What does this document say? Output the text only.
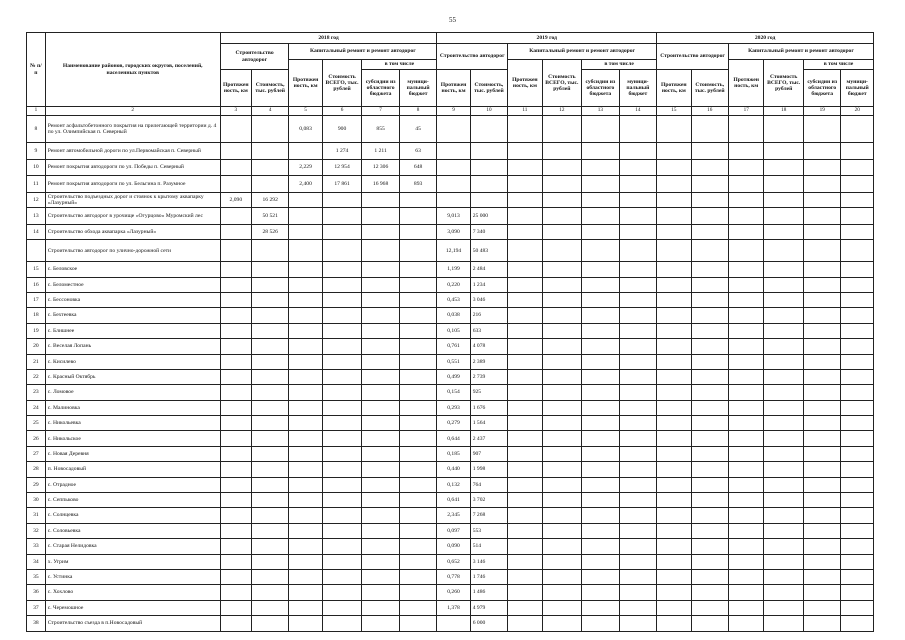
55
№ п/п	Наименование районов, городских округов, поселений, населенных пунктов	2018 год						2019 год						2020 год					
		Строительство автодорог		Капитальный ремонт и ремонт автодорог				Строительство автодорог		Капитальный ремонт и ремонт автодорог				Строительство автодорог		Капитальный ремонт и ремонт автодорог			
				Протяжен ность, км	Стоимость ВСЕГО, тыс. рублей	в том числе				Протяжен ность, км	Стоимость ВСЕГО, тыс. рублей	в том числе				Протяжен ность, км	Стоимость ВСЕГО, тыс. рублей	в том числе	
		Протяжен ность, км	Стоимость, тыс. рублей			субсидии из областного бюджета	муници- пальный бюджет	Протяжен ность, км	Стоимость, тыс. рублей			субсидии из областного бюджета	муници- пальный бюджет	Протяжен ность, км	Стоимость, тыс. рублей			субсидии из областного бюджета	муници- пальный бюджет
1	2	3	4	5	6	7	8	9	10	11	12	13	14	15	16	17	18	19	20
8	Ремонт асфальтобетонного покрытия на прилегающей территории д. 4 по ул. Олимпийская п. Северный			0,083	900	855	45												
9	Ремонт автомобильной дороги по ул.Первомайская п. Северный				1 274	1 211	63												
10	Ремонт покрытия автодороги по ул. Победы п. Северный			2,229	12 954	12 306	648												
11	Ремонт покрытия автодороги по ул. Бельгина п. Разумное			2,400	17 861	16 968	893												
12	Строительство подъездных дорог и стоянок к крытому аквапарку «Лазурный»	2,090	16 292																
13	Строительство автодорог в урочище «Огурцово» Муромский лес		50 521					9,013	25 000										
14	Строительство обхода аквапарка «Лазурный»		28 526					3,090	7 340										
	Строительство автодорог по улично-дорожной сети							12,194	50 483										
15	с. Беловское							1,199	2 484										
16	с. Беломестное							0,220	1 234										
17	с. Бессоновка							0,453	3 046										
18	с. Бехтеевка							0,038	216										
19	с. Блишнее							0,105	633										
20	с. Веселая Лопань							0,761	4 078										
21	с. Кисилево							0,551	2 389										
22	с. Красный Октябрь							0,499	2 739										
23	с. Ломовое							0,154	925										
24	с. Малиновка							0,293	1 676										
25	с. Никольевка							0,279	1 564										
26	с. Никольское							0,644	2 437										
27	с. Новая Деревня							0,185	907										
28	п. Новосадовый							0,440	1 998										
29	с. Отрадное							0,132	764										
30	с. Сеппьково							0,641	3 702										
31	с. Солнцевка							2,345	7 268										
32	с. Соловьевка							0,097	553										
33	с. Старая Нелидовка							0,090	514										
34	х. Угрим							0,652	3 146										
35	с. Устинка							0,778	1 746										
36	с. Хохлово							0,260	1 486										
37	с. Черемошное							1,378	4 979										
38	Строительство съезда в п.Новосадовый								6 000										
